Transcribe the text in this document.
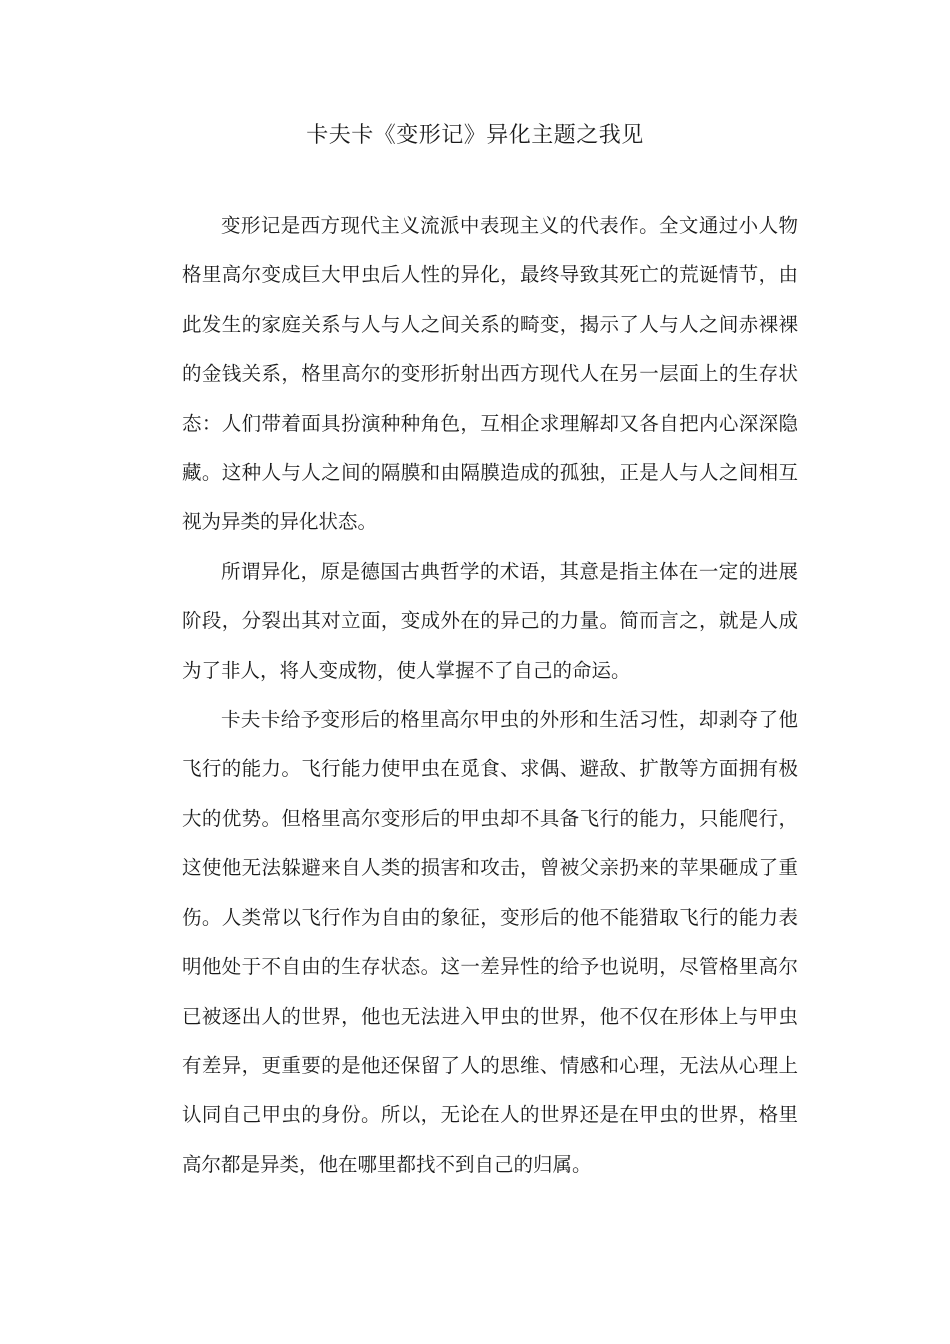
卡夫卡《变形记》异化主题之我见

变形记是西方现代主义流派中表现主义的代表作。全文通过小人物格里高尔变成巨大甲虫后人性的异化，最终导致其死亡的荒诞情节，由此发生的家庭关系与人与人之间关系的畸变，揭示了人与人之间赤裸裸的金钱关系，格里高尔的变形折射出西方现代人在另一层面上的生存状态：人们带着面具扮演种种角色，互相企求理解却又各自把内心深深隐藏。这种人与人之间的隔膜和由隔膜造成的孤独，正是人与人之间相互视为异类的异化状态。

所谓异化，原是德国古典哲学的术语，其意是指主体在一定的进展阶段，分裂出其对立面，变成外在的异己的力量。简而言之，就是人成为了非人，将人变成物，使人掌握不了自己的命运。

卡夫卡给予变形后的格里高尔甲虫的外形和生活习性，却剥夺了他飞行的能力。飞行能力使甲虫在觅食、求偶、避敌、扩散等方面拥有极大的优势。但格里高尔变形后的甲虫却不具备飞行的能力，只能爬行，这使他无法躲避来自人类的损害和攻击，曾被父亲扔来的苹果砸成了重伤。人类常以飞行作为自由的象征，变形后的他不能猎取飞行的能力表明他处于不自由的生存状态。这一差异性的给予也说明，尽管格里高尔已被逐出人的世界，他也无法进入甲虫的世界，他不仅在形体上与甲虫有差异，更重要的是他还保留了人的思维、情感和心理，无法从心理上认同自己甲虫的身份。所以，无论在人的世界还是在甲虫的世界，格里高尔都是异类，他在哪里都找不到自己的归属。
